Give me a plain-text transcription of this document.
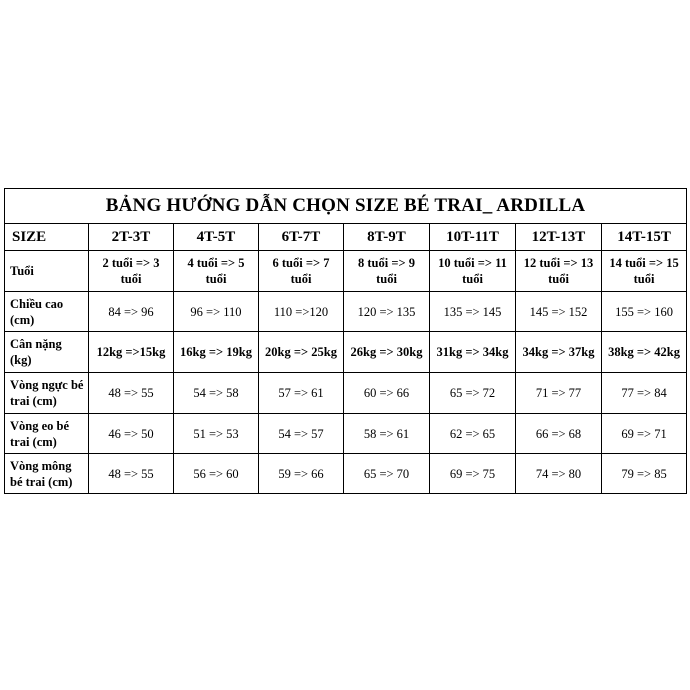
BẢNG HƯỚNG DẪN CHỌN SIZE BÉ TRAI_ ARDILLA							
SIZE	2T-3T	4T-5T	6T-7T	8T-9T	10T-11T	12T-13T	14T-15T
Tuổi	2 tuổi => 3 tuổi	4 tuổi => 5 tuổi	6 tuổi => 7 tuổi	8 tuổi => 9 tuổi	10 tuổi => 11 tuổi	12 tuổi => 13 tuổi	14 tuổi => 15 tuổi
Chiều cao (cm)	84 => 96	96 => 110	110 =>120	120 => 135	135 => 145	145 => 152	155 => 160
Cân nặng (kg)	12kg =>15kg	16kg => 19kg	20kg => 25kg	26kg => 30kg	31kg => 34kg	34kg => 37kg	38kg => 42kg
Vòng ngực bé trai (cm)	48 => 55	54 => 58	57 => 61	60 => 66	65 => 72	71 => 77	77 => 84
Vòng eo bé trai (cm)	46 => 50	51 => 53	54 => 57	58 => 61	62 => 65	66 => 68	69 => 71
Vòng mông bé trai (cm)	48 => 55	56 => 60	59 => 66	65 => 70	69 => 75	74 => 80	79 => 85
